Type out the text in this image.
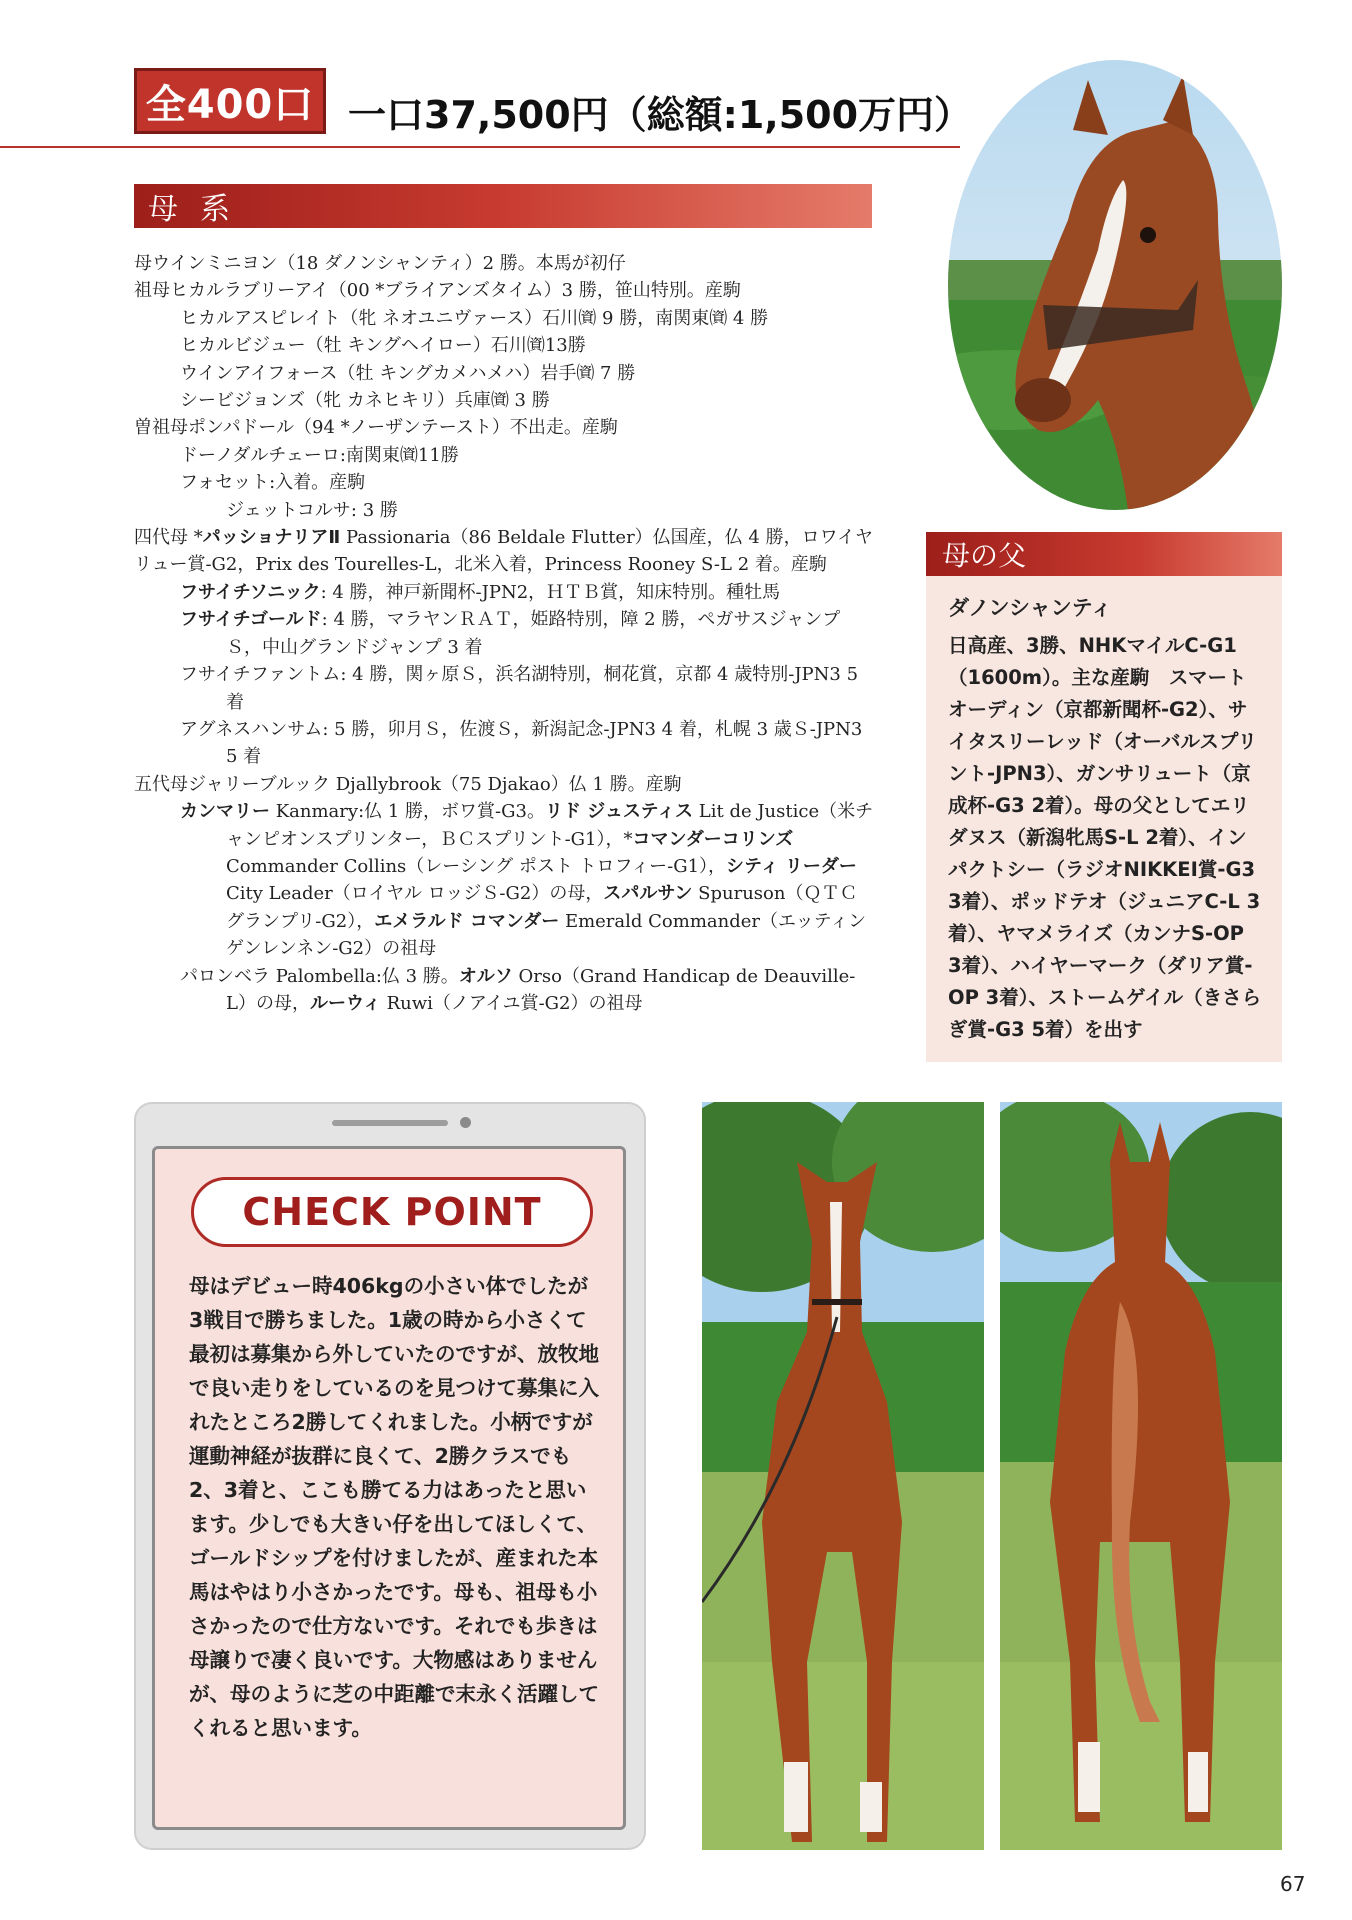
全400口 一口37,500円（総額:1,500万円）
母系
母ウインミニヨン（18 ダノンシャンティ）2 勝。本馬が初仔
祖母ヒカルラブリーアイ（00 *ブライアンズタイム）3 勝，笹山特別。産駒
ヒカルアスピレイト（牝 ネオユニヴァース）石川㈾ 9 勝，南関東㈾ 4 勝
ヒカルビジュー（牡 キングヘイロー）石川㈾13勝
ウインアイフォース（牡 キングカメハメハ）岩手㈾ 7 勝
シービジョンズ（牝 カネヒキリ）兵庫㈾ 3 勝
曽祖母ポンパドール（94 *ノーザンテースト）不出走。産駒
ドーノダルチェーロ:南関東㈾11勝
フォセット:入着。産駒
ジェットコルサ: 3 勝
四代母 *パッショナリアⅡ Passionaria（86 Beldale Flutter）仏国産，仏 4 勝，ロワイヤリュー賞-G2，Prix des Tourelles-L，北米入着，Princess Rooney S-L 2 着。産駒
フサイチソニック: 4 勝，神戸新聞杯-JPN2，ＨＴＢ賞，知床特別。種牡馬
フサイチゴールド: 4 勝，マラヤンＲＡＴ，姫路特別，障 2 勝，ペガサスジャンプＳ，中山グランドジャンプ 3 着
フサイチファントム: 4 勝，関ヶ原Ｓ，浜名湖特別，桐花賞，京都 4 歳特別-JPN3 5 着
アグネスハンサム: 5 勝，卯月Ｓ，佐渡Ｓ，新潟記念-JPN3 4 着，札幌 3 歳Ｓ-JPN3 5 着
五代母ジャリーブルック Djallybrook（75 Djakao）仏 1 勝。産駒
カンマリー Kanmary:仏 1 勝，ボワ賞-G3。リド ジュスティス Lit de Justice（米チャンピオンスプリンター，ＢＣスプリント-G1），*コマンダーコリンズ Commander Collins（レーシング ポスト トロフィー-G1），シティ リーダー City Leader（ロイヤル ロッジＳ-G2）の母，スパルサン Spuruson（ＱＴＣグランプリ-G2），エメラルド コマンダー Emerald Commander（エッティンゲンレンネン-G2）の祖母
パロンベラ Palombella:仏 3 勝。オルソ Orso（Grand Handicap de Deauville-L）の母，ルーウィ Ruwi（ノアイユ賞-G2）の祖母
母の父
ダノンシャンティ
日高産、3勝、NHKマイルC-G1（1600m）。主な産駒　スマートオーディン（京都新聞杯-G2）、サイタスリーレッド（オーバルスプリント-JPN3）、ガンサリュート（京成杯-G3 2着）。母の父としてエリダヌス（新潟牝馬S-L 2着）、インパクトシー（ラジオNIKKEI賞-G3 3着）、ポッドテオ（ジュニアC-L 3着）、ヤマメライズ（カンナS-OP 3着）、ハイヤーマーク（ダリア賞-OP 3着）、ストームゲイル（きさらぎ賞-G3 5着）を出す
CHECK POINT
母はデビュー時406kgの小さい体でしたが3戦目で勝ちました。1歳の時から小さくて最初は募集から外していたのですが、放牧地で良い走りをしているのを見つけて募集に入れたところ2勝してくれました。小柄ですが運動神経が抜群に良くて、2勝クラスでも2、3着と、ここも勝てる力はあったと思います。少しでも大きい仔を出してほしくて、ゴールドシップを付けましたが、産まれた本馬はやはり小さかったです。母も、祖母も小さかったので仕方ないです。それでも歩きは母譲りで凄く良いです。大物感はありませんが、母のように芝の中距離で末永く活躍してくれると思います。
67
